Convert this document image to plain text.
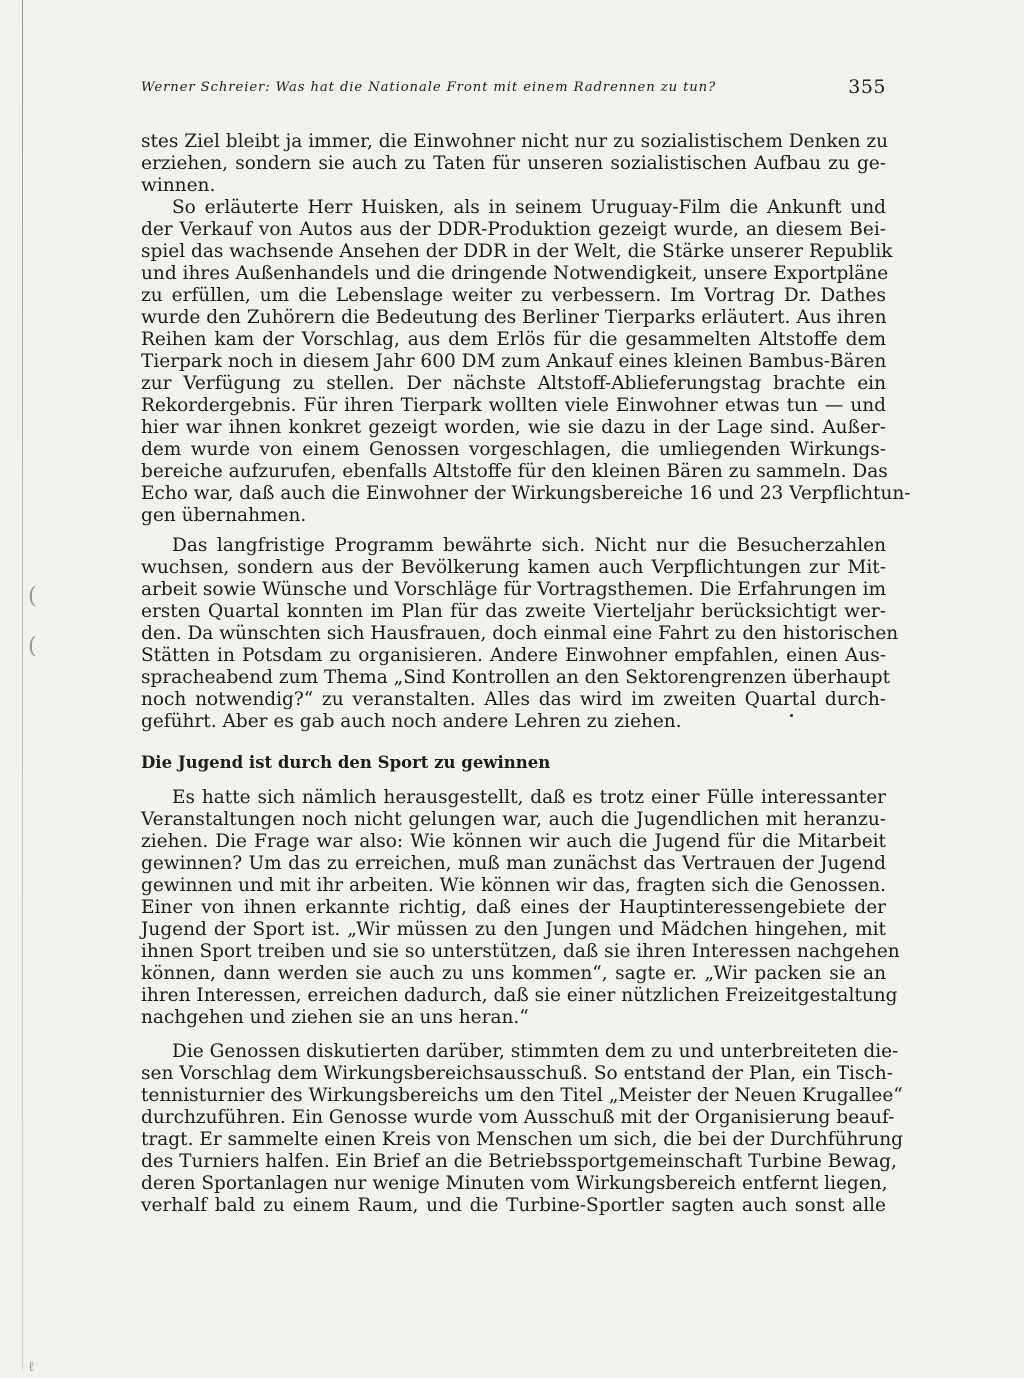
(
(
ℓ
Werner Schreier: Was hat die Nationale Front mit einem Radrennen zu tun?	355
stes Ziel bleibt ja immer, die Einwohner nicht nur zu sozialistischem Denken zu
erziehen, sondern sie auch zu Taten für unseren sozialistischen Aufbau zu ge-
winnen.
So erläuterte Herr Huisken, als in seinem Uruguay-Film die Ankunft und
der Verkauf von Autos aus der DDR-Produktion gezeigt wurde, an diesem Bei-
spiel das wachsende Ansehen der DDR in der Welt, die Stärke unserer Republik
und ihres Außenhandels und die dringende Notwendigkeit, unsere Exportpläne
zu erfüllen, um die Lebenslage weiter zu verbessern. Im Vortrag Dr. Dathes
wurde den Zuhörern die Bedeutung des Berliner Tierparks erläutert. Aus ihren
Reihen kam der Vorschlag, aus dem Erlös für die gesammelten Altstoffe dem
Tierpark noch in diesem Jahr 600 DM zum Ankauf eines kleinen Bambus-Bären
zur Verfügung zu stellen. Der nächste Altstoff-Ablieferungstag brachte ein
Rekordergebnis. Für ihren Tierpark wollten viele Einwohner etwas tun — und
hier war ihnen konkret gezeigt worden, wie sie dazu in der Lage sind. Außer-
dem wurde von einem Genossen vorgeschlagen, die umliegenden Wirkungs-
bereiche aufzurufen, ebenfalls Altstoffe für den kleinen Bären zu sammeln. Das
Echo war, daß auch die Einwohner der Wirkungsbereiche 16 und 23 Verpflichtun-
gen übernahmen.
Das langfristige Programm bewährte sich. Nicht nur die Besucherzahlen
wuchsen, sondern aus der Bevölkerung kamen auch Verpflichtungen zur Mit-
arbeit sowie Wünsche und Vorschläge für Vortragsthemen. Die Erfahrungen im
ersten Quartal konnten im Plan für das zweite Vierteljahr berücksichtigt wer-
den. Da wünschten sich Hausfrauen, doch einmal eine Fahrt zu den historischen
Stätten in Potsdam zu organisieren. Andere Einwohner empfahlen, einen Aus-
spracheabend zum Thema „Sind Kontrollen an den Sektorengrenzen überhaupt
noch notwendig?“ zu veranstalten. Alles das wird im zweiten Quartal durch-
geführt. Aber es gab auch noch andere Lehren zu ziehen.
Die Jugend ist durch den Sport zu gewinnen
Es hatte sich nämlich herausgestellt, daß es trotz einer Fülle interessanter
Veranstaltungen noch nicht gelungen war, auch die Jugendlichen mit heranzu-
ziehen. Die Frage war also: Wie können wir auch die Jugend für die Mitarbeit
gewinnen? Um das zu erreichen, muß man zunächst das Vertrauen der Jugend
gewinnen und mit ihr arbeiten. Wie können wir das, fragten sich die Genossen.
Einer von ihnen erkannte richtig, daß eines der Hauptinteressengebiete der
Jugend der Sport ist. „Wir müssen zu den Jungen und Mädchen hingehen, mit
ihnen Sport treiben und sie so unterstützen, daß sie ihren Interessen nachgehen
können, dann werden sie auch zu uns kommen“, sagte er. „Wir packen sie an
ihren Interessen, erreichen dadurch, daß sie einer nützlichen Freizeitgestaltung
nachgehen und ziehen sie an uns heran.“
Die Genossen diskutierten darüber, stimmten dem zu und unterbreiteten die-
sen Vorschlag dem Wirkungsbereichsausschuß. So entstand der Plan, ein Tisch-
tennisturnier des Wirkungsbereichs um den Titel „Meister der Neuen Krugallee“
durchzuführen. Ein Genosse wurde vom Ausschuß mit der Organisierung beauf-
tragt. Er sammelte einen Kreis von Menschen um sich, die bei der Durchführung
des Turniers halfen. Ein Brief an die Betriebssportgemeinschaft Turbine Bewag,
deren Sportanlagen nur wenige Minuten vom Wirkungsbereich entfernt liegen,
verhalf bald zu einem Raum, und die Turbine-Sportler sagten auch sonst alle
